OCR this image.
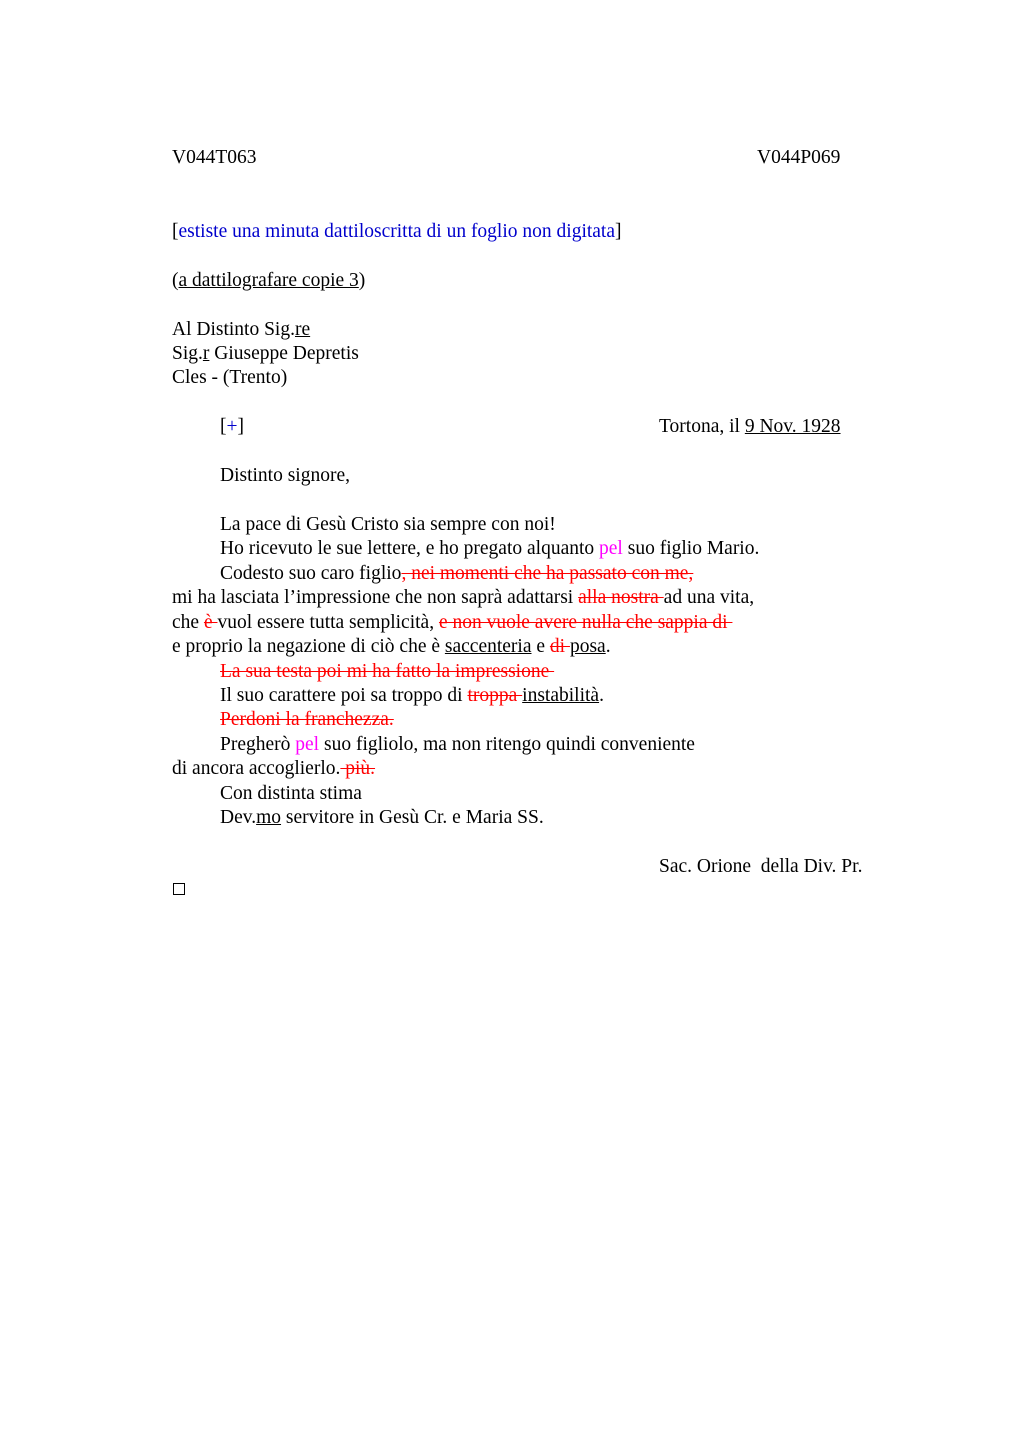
V044T063	V044P069
[estiste una minuta dattiloscritta di un foglio non digitata]
(a dattilografare copie 3)
Al Distinto Sig.re
Sig.r Giuseppe Depretis
Cles - (Trento)
[+]	Tortona, il 9 Nov. 1928
Distinto signore,
La pace di Gesù Cristo sia sempre con noi!
Ho ricevuto le sue lettere, e ho pregato alquanto pel suo figlio Mario.
Codesto suo caro figlio, nei momenti che ha passato con me,
mi ha lasciata l’impressione che non saprà adattarsi alla nostra ad una vita,
che è vuol essere tutta semplicità, e non vuole avere nulla che sappia di
e proprio la negazione di ciò che è saccenteria e di posa.
La sua testa poi mi ha fatto la impressione
Il suo carattere poi sa troppo di troppa instabilità.
Perdoni la franchezza.
Pregherò pel suo figliolo, ma non ritengo quindi conveniente
di ancora accoglierlo. più.
Con distinta stima
Dev.mo servitore in Gesù Cr. e Maria SS.
Sac. Orione  della Div. Pr.
